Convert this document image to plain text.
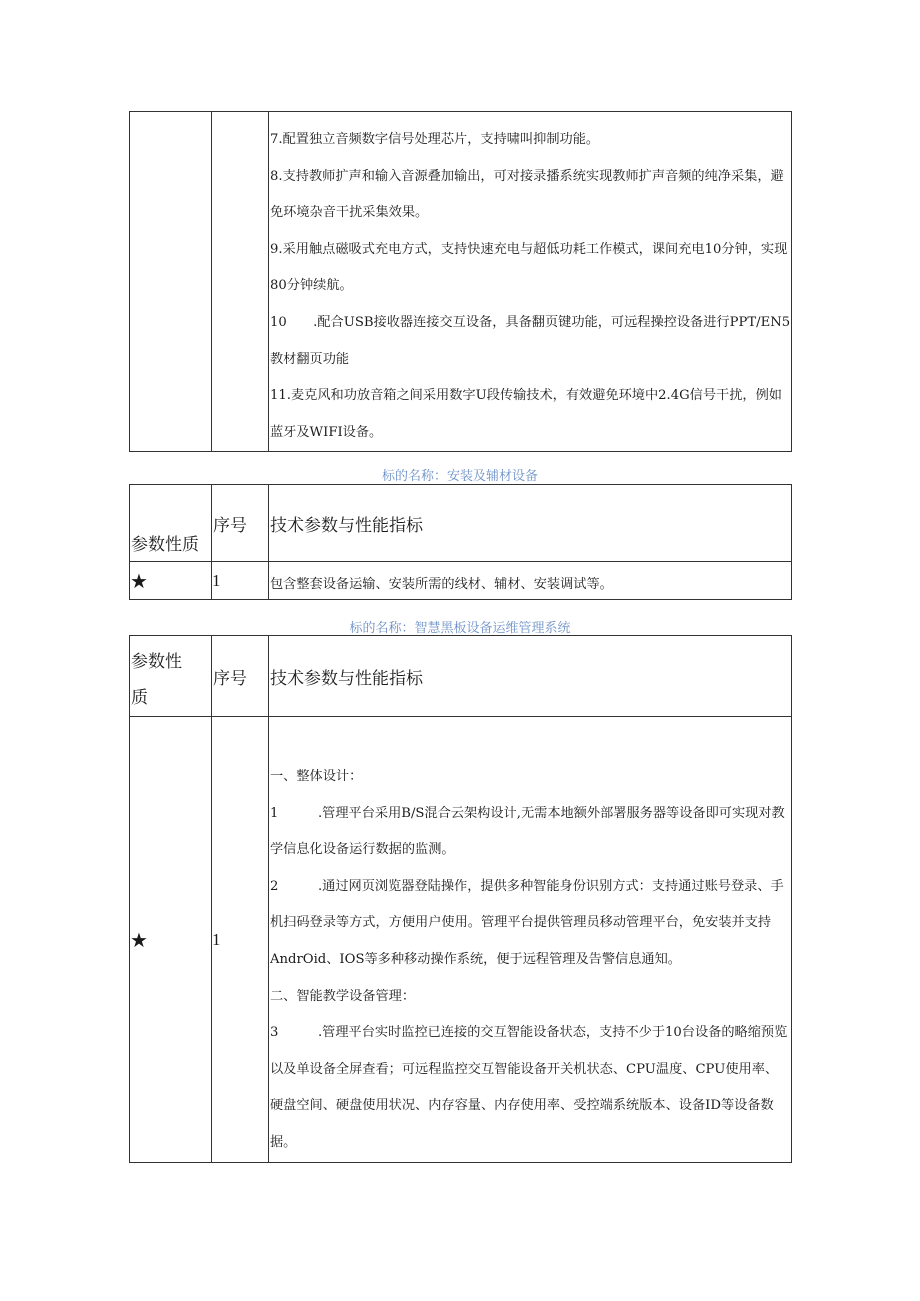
7.配置独立音频数字信号处理芯片，支持啸叫抑制功能。

8.支持教师扩声和输入音源叠加输出，可对接录播系统实现教师扩声音频的纯净采集，避免环境杂音干扰采集效果。

9.采用触点磁吸式充电方式，支持快速充电与超低功耗工作模式，课间充电10分钟，实现80分钟续航。

10　　.配合USB接收器连接交互设备，具备翻页键功能，可远程操控设备进行PPT/EN5教材翻页功能

11.麦克风和功放音箱之间采用数字U段传输技术，有效避免环境中2.4G信号干扰，例如蓝牙及WIFI设备。

标的名称：安装及辅材设备
参数性质	序号	技术参数与性能指标

★	1	包含整套设备运输、安装所需的线材、辅材、安装调试等。
标的名称：智慧黑板设备运维管理系统
参数性质	序号	技术参数与性能指标

★	1	一、整体设计：

1　　　.管理平台采用B/S混合云架构设计,无需本地额外部署服务器等设备即可实现对教学信息化设备运行数据的监测。

2　　　.通过网页浏览器登陆操作，提供多种智能身份识别方式：支持通过账号登录、手机扫码登录等方式，方便用户使用。管理平台提供管理员移动管理平台，免安装并支持AndrOid、IOS等多种移动操作系统，便于远程管理及告警信息通知。

二、智能教学设备管理：

3　　　.管理平台实时监控已连接的交互智能设备状态，支持不少于10台设备的略缩预览以及单设备全屏查看；可远程监控交互智能设备开关机状态、CPU温度、CPU使用率、硬盘空间、硬盘使用状况、内存容量、内存使用率、受控端系统版本、设备ID等设备数据。
